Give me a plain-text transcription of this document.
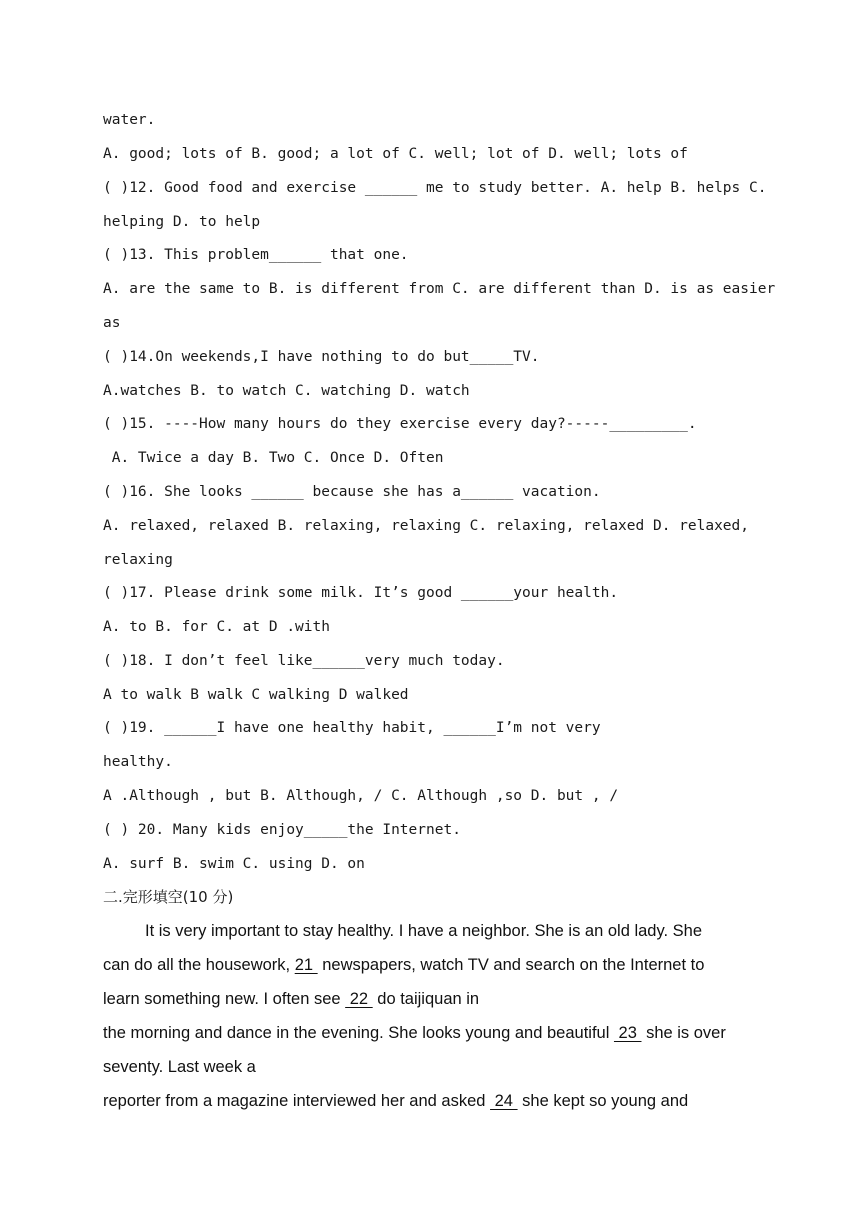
water.
A. good; lots of B. good; a lot of C. well; lot of D. well; lots of
( )12. Good food and exercise ______ me to study better. A. help B. helps C.
helping D. to help
( )13. This problem______ that one.
A. are the same to B. is different from C. are different than D. is as easier
as
( )14.On weekends,I have nothing to do but_____TV.
A.watches B. to watch C. watching D. watch
( )15. ----How many hours do they exercise every day?-----_________.
A. Twice a day B. Two C. Once D. Often
( )16. She looks ______ because she has a______ vacation.
A. relaxed, relaxed B. relaxing, relaxing C. relaxing, relaxed D. relaxed,
relaxing
( )17. Please drink some milk. It’s good ______your health.
A. to B. for C. at D .with
( )18. I don’t feel like______very much today.
A to walk B walk C walking D walked
( )19. ______I have one healthy habit, ______I’m not very
healthy.
A .Although , but B. Although, / C. Although ,so D. but , /
( ) 20. Many kids enjoy_____the Internet.
A. surf B. swim C. using D. on
二.完形填空(10 分)
It is very important to stay healthy. I have a neighbor. She is an old lady. She
can do all the housework, 21  newspapers, watch TV and search on the Internet to
learn something new. I often see  22  do taijiquan in
the morning and dance in the evening. She looks young and beautiful  23  she is over
seventy. Last week a
reporter from a magazine interviewed her and asked  24  she kept so young and
